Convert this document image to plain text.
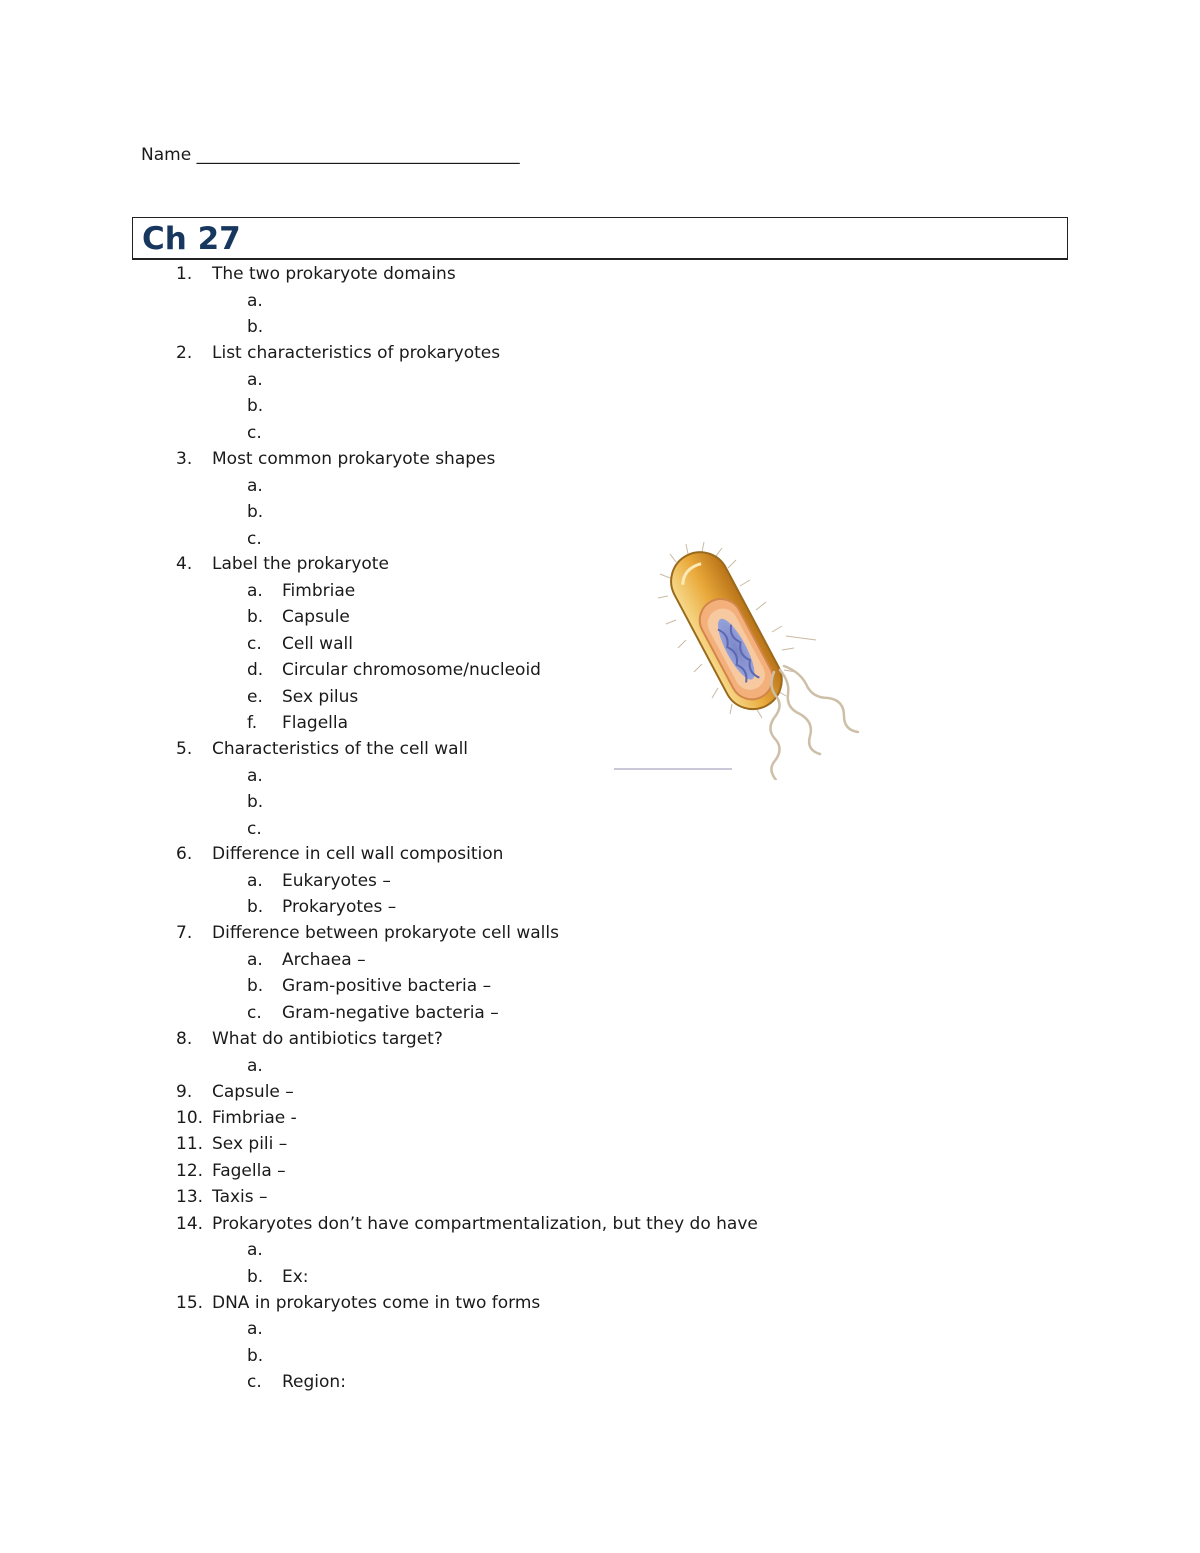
Name ______________________________________
Ch 27
1. The two prokaryote domains
a.
b.
2. List characteristics of prokaryotes
a.
b.
c.
3. Most common prokaryote shapes
a.
b.
c.
4. Label the prokaryote
a. Fimbriae
b. Capsule
c. Cell wall
d. Circular chromosome/nucleoid
e. Sex pilus
f. Flagella
5. Characteristics of the cell wall
a.
b.
c.
6. Difference in cell wall composition
a. Eukaryotes –
b. Prokaryotes –
7. Difference between prokaryote cell walls
a. Archaea –
b. Gram-positive bacteria –
c. Gram-negative bacteria –
8. What do antibiotics target?
a.
9. Capsule –
10. Fimbriae -
11. Sex pili –
12. Fagella –
13. Taxis –
14. Prokaryotes don’t have compartmentalization, but they do have
a.
b. Ex:
15. DNA in prokaryotes come in two forms
a.
b.
c. Region:
